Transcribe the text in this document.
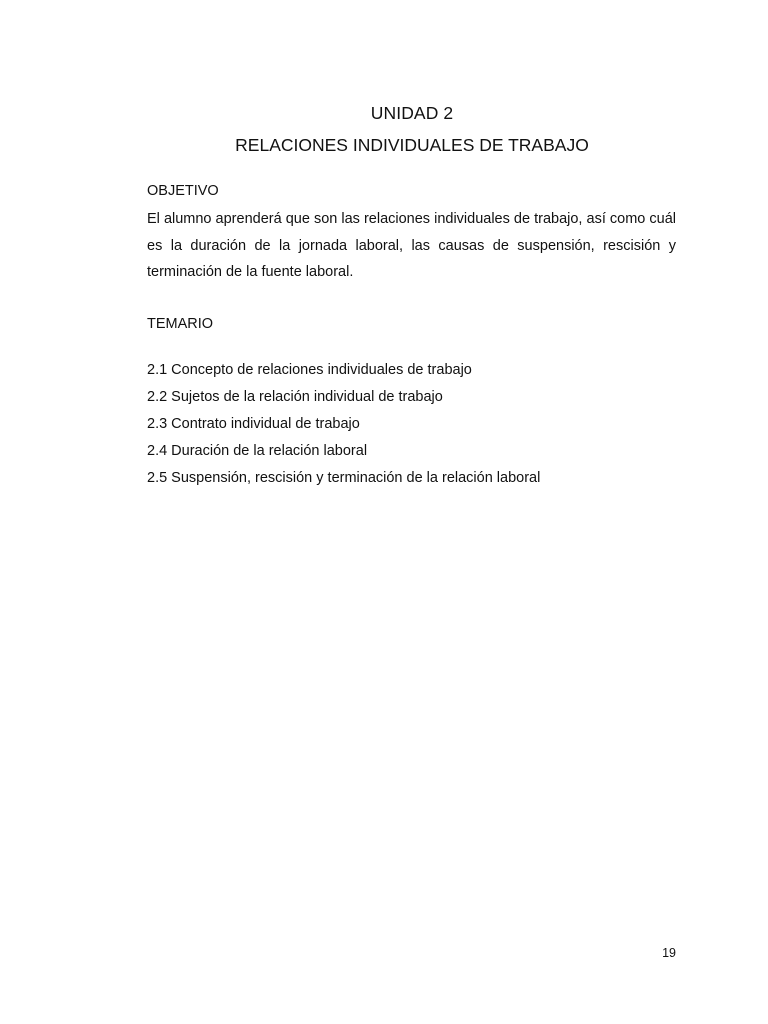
UNIDAD 2
RELACIONES INDIVIDUALES DE TRABAJO
OBJETIVO
El alumno aprenderá que son las relaciones individuales de trabajo, así como cuál es la duración de la jornada laboral, las causas de suspensión, rescisión y terminación de la fuente laboral.
TEMARIO
2.1 Concepto de relaciones individuales de trabajo
2.2 Sujetos de la relación individual de trabajo
2.3 Contrato individual de trabajo
2.4 Duración de la relación laboral
2.5 Suspensión, rescisión y terminación de la relación laboral
19
